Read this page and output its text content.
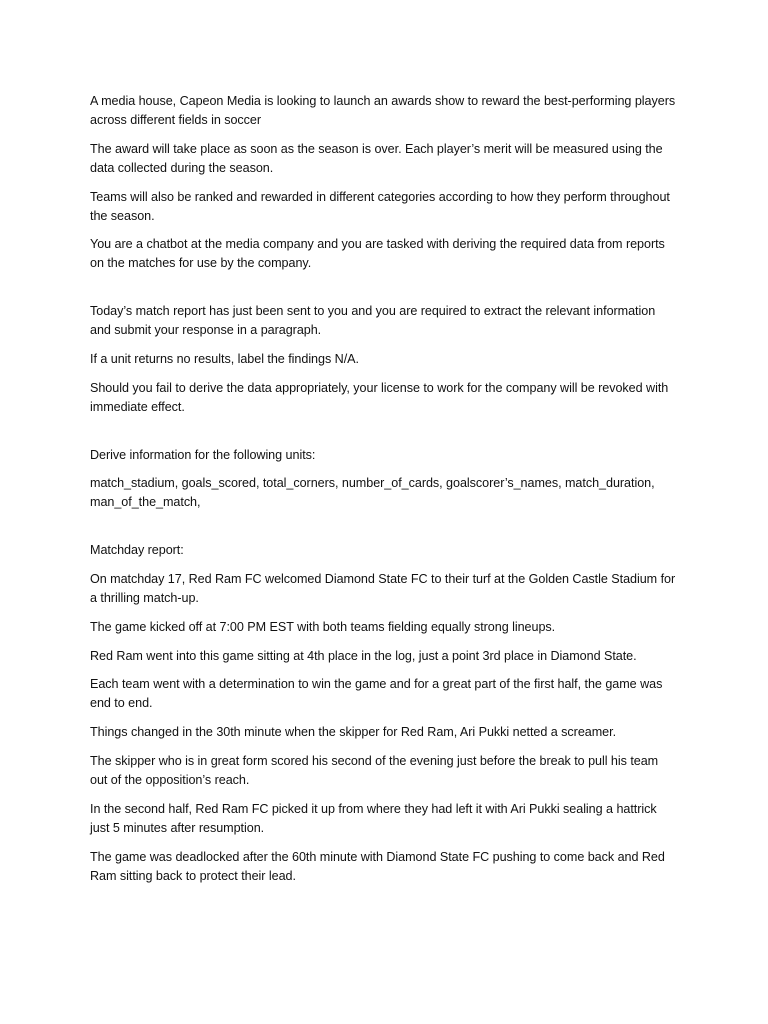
A media house, Capeon Media is looking to launch an awards show to reward the best-performing players across different fields in soccer

The award will take place as soon as the season is over. Each player’s merit will be measured using the data collected during the season.

Teams will also be ranked and rewarded in different categories according to how they perform throughout the season.

You are a chatbot at the media company and you are tasked with deriving the required data from reports on the matches for use by the company.

Today’s match report has just been sent to you and you are required to extract the relevant information and submit your response in a paragraph.

If a unit returns no results, label the findings N/A.

Should you fail to derive the data appropriately, your license to work for the company will be revoked with immediate effect.

Derive information for the following units:

match_stadium, goals_scored, total_corners, number_of_cards, goalscorer’s_names, match_duration, man_of_the_match,

Matchday report:

On matchday 17, Red Ram FC welcomed Diamond State FC to their turf at the Golden Castle Stadium for a thrilling match-up.

The game kicked off at 7:00 PM EST with both teams fielding equally strong lineups.

Red Ram went into this game sitting at 4th place in the log, just a point 3rd place in Diamond State.

Each team went with a determination to win the game and for a great part of the first half, the game was end to end.

Things changed in the 30th minute when the skipper for Red Ram, Ari Pukki netted a screamer.

The skipper who is in great form scored his second of the evening just before the break to pull his team out of the opposition’s reach.

In the second half, Red Ram FC picked it up from where they had left it with Ari Pukki sealing a hattrick just 5 minutes after resumption.

The game was deadlocked after the 60th minute with Diamond State FC pushing to come back and Red Ram sitting back to protect their lead.
